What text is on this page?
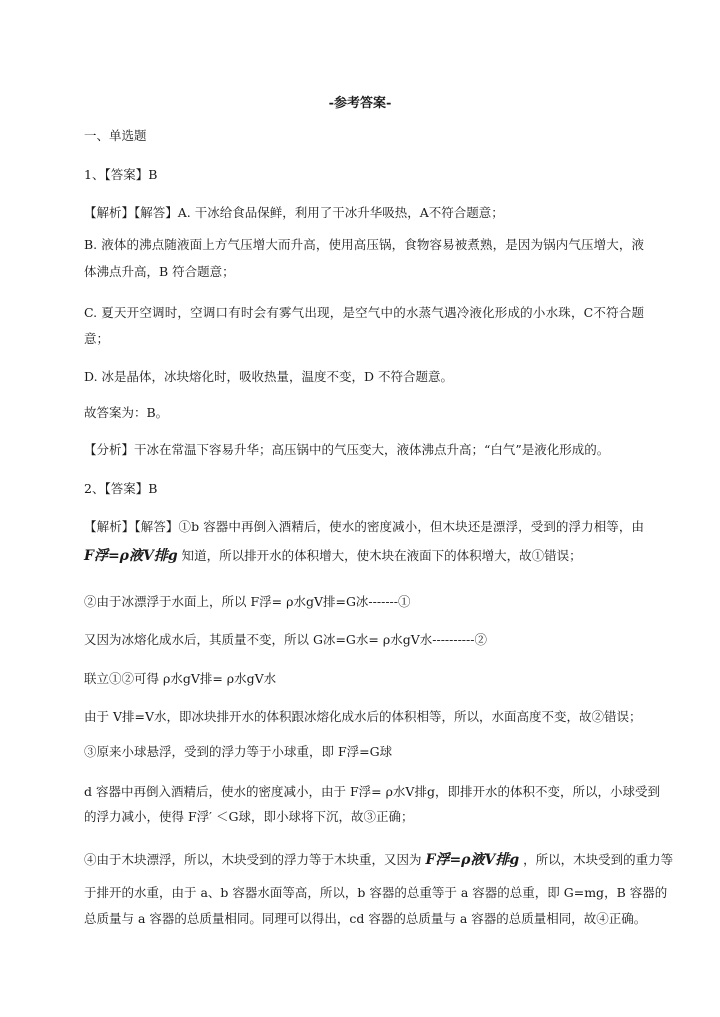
-参考答案-
一、单选题
1、【答案】B
【解析】【解答】A. 干冰给食品保鲜，利用了干冰升华吸热，A不符合题意；
B. 液体的沸点随液面上方气压增大而升高，使用高压锅，食物容易被煮熟，是因为锅内气压增大，液
体沸点升高，B 符合题意；
C. 夏天开空调时，空调口有时会有雾气出现，是空气中的水蒸气遇冷液化形成的小水珠，C不符合题
意；
D. 冰是晶体，冰块熔化时，吸收热量，温度不变，D 不符合题意。
故答案为：B。
【分析】干冰在常温下容易升华；高压锅中的气压变大，液体沸点升高；“白气”是液化形成的。
2、【答案】B
【解析】【解答】①b 容器中再倒入酒精后，使水的密度减小，但木块还是漂浮，受到的浮力相等，由
F浮=ρ液V排g 知道，所以排开水的体积增大，使木块在液面下的体积增大，故①错误；
②由于冰漂浮于水面上，所以 F浮= ρ水gV排=G冰-------①
又因为冰熔化成水后，其质量不变，所以 G冰=G水= ρ水gV水----------②
联立①②可得 ρ水gV排= ρ水gV水
由于 V排=V水，即冰块排开水的体积跟冰熔化成水后的体积相等，所以，水面高度不变，故②错误；
③原来小球悬浮，受到的浮力等于小球重，即 F浮=G球
d 容器中再倒入酒精后，使水的密度减小，由于 F浮= ρ水V排g，即排开水的体积不变，所以，小球受到
的浮力减小，使得 F浮′ ＜G球，即小球将下沉，故③正确；
④由于木块漂浮，所以，木块受到的浮力等于木块重，又因为 F浮=ρ液V排g ，所以，木块受到的重力等
于排开的水重，由于 a、b 容器水面等高，所以，b 容器的总重等于 a 容器的总重，即 G=mg，B 容器的
总质量与 a 容器的总质量相同。同理可以得出，cd 容器的总质量与 a 容器的总质量相同，故④正确。
